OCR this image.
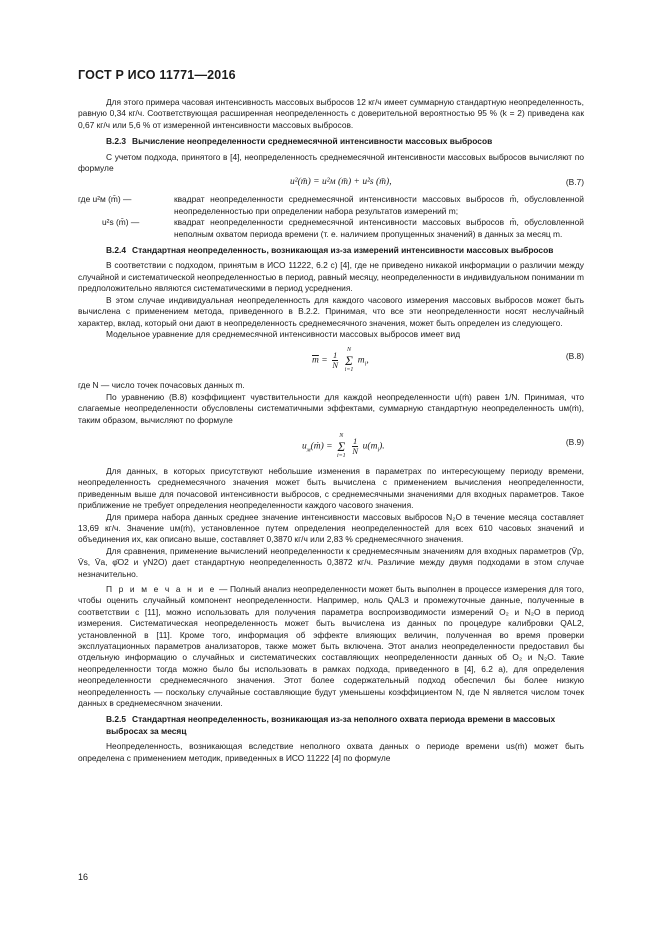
ГОСТ Р ИСО 11771—2016

Для этого примера часовая интенсивность массовых выбросов 12 кг/ч имеет суммарную стандартную неопределенность, равную 0,34 кг/ч. Соответствующая расширенная неопределенность с доверительной вероятностью 95 % (k = 2) приведена как 0,67 кг/ч или 5,6 % от измеренной интенсивности массовых выбросов.

В.2.3 Вычисление неопределенности среднемесячной интенсивности массовых выбросов

С учетом подхода, принятого в [4], неопределенность среднемесячной интенсивности массовых выбросов вычисляют по формуле

u²(m̄) = u²м (m̄) + u²s (m̄),	(В.7)
где u²м (m̄) —	квадрат неопределенности среднемесячной интенсивности массовых выбросов m̄, обусловленной неопределенностью при определении набора результатов измерений m;
u²s (m̄) —	квадрат неопределенности среднемесячной интенсивности массовых выбросов m̄, обусловленной неполным охватом периода времени (т. е. наличием пропущенных значений) в данных за месяц m.
В.2.4 Стандартная неопределенность, возникающая из-за измерений интенсивности массовых выбросов

В соответствии с подходом, принятым в ИСО 11222, 6.2 c) [4], где не приведено никакой информации о различии между случайной и систематической неопределенностью в период, равный месяцу, неопределенности в индивидуальном понимании m предположительно являются систематическими в период усреднения.

В этом случае индивидуальная неопределенность для каждого часового измерения массовых выбросов может быть вычислена с применением метода, приведенного в В.2.2. Принимая, что все эти неопределенности носят неслучайный характер, вклад, который они дают в неопределенность среднемесячного значения, может быть определен из следующего.

Модельное уравнение для среднемесячной интенсивности массовых выбросов имеет вид

$\overline{m} = \frac{1}{N}$

N
Σ
i=1
$m_i$,	(В.8)

где N — число точек почасовых данных m.

По уравнению (В.8) коэффициент чувствительности для каждой неопределенности u(ṁ) равен 1/N. Принимая, что слагаемые неопределенности обусловлены систематичными эффектами, суммарную стандартную неопределенность uм(ṁ), таким образом, вычисляют по формуле

$u_м(ṁ)$ =
N
Σ
i=1
$\frac{1}{N} u(m_i)$.	(В.9)

Для данных, в которых присутствуют небольшие изменения в параметрах по интересующему периоду времени, неопределенность среднемесячного значения может быть вычислена с применением вычисления неопределенности, приведенным выше для почасовой интенсивности выбросов, с среднемесячными значениями для входных параметров. Такое приближение не требует определения неопределенности каждого часового значения.

Для примера набора данных среднее значение интенсивности массовых выбросов N₂O в течение месяца составляет 13,69 кг/ч. Значение uм(ṁ), установленное путем определения неопределенностей для всех 610 часовых значений и объединения их, как описано выше, составляет 0,3870 кг/ч или 2,83 % среднемесячного значения.

Для сравнения, применение вычислений неопределенности к среднемесячным значениям для входных параметров (V̄p, V̄s, V̄a, φ̄O2 и γN2O) дает стандартную неопределенность 0,3872 кг/ч. Различие между двумя подходами в этом случае незначительно.

П р и м е ч а н и е — Полный анализ неопределенности может быть выполнен в процессе измерения для того, чтобы оценить случайный компонент неопределенности. Например, ноль QAL3 и промежуточные данные, полученные в соответствии с [11], можно использовать для получения параметра воспроизводимости измерений O₂ и N₂O в период измерения. Систематическая неопределенность может быть вычислена из данных по процедуре калибровки QAL2, установленной в [11]. Кроме того, информация об эффекте влияющих величин, полученная во время проверки эксплуатационных параметров анализаторов, также может быть включена. Этот анализ неопределенности предоставил бы отдельную информацию о случайных и систематических составляющих неопределенности данных об O₂ и N₂O. Такие неопределенности тогда можно было бы использовать в рамках подхода, приведенного в [4], 6.2 a), для определения неопределенности среднемесячного значения. Этот более содержательный подход обеспечил бы более низкую неопределенность — поскольку случайные составляющие будут уменьшены коэффициентом N, где N является числом точек данных в среднемесячном значении.

В.2.5 Стандартная неопределенность, возникающая из-за неполного охвата периода времени в массовых выбросах за месяц

Неопределенность, возникающая вследствие неполного охвата данных о периоде времени us(ṁ) может быть определена с применением методик, приведенных в ИСО 11222 [4] по формуле

16
